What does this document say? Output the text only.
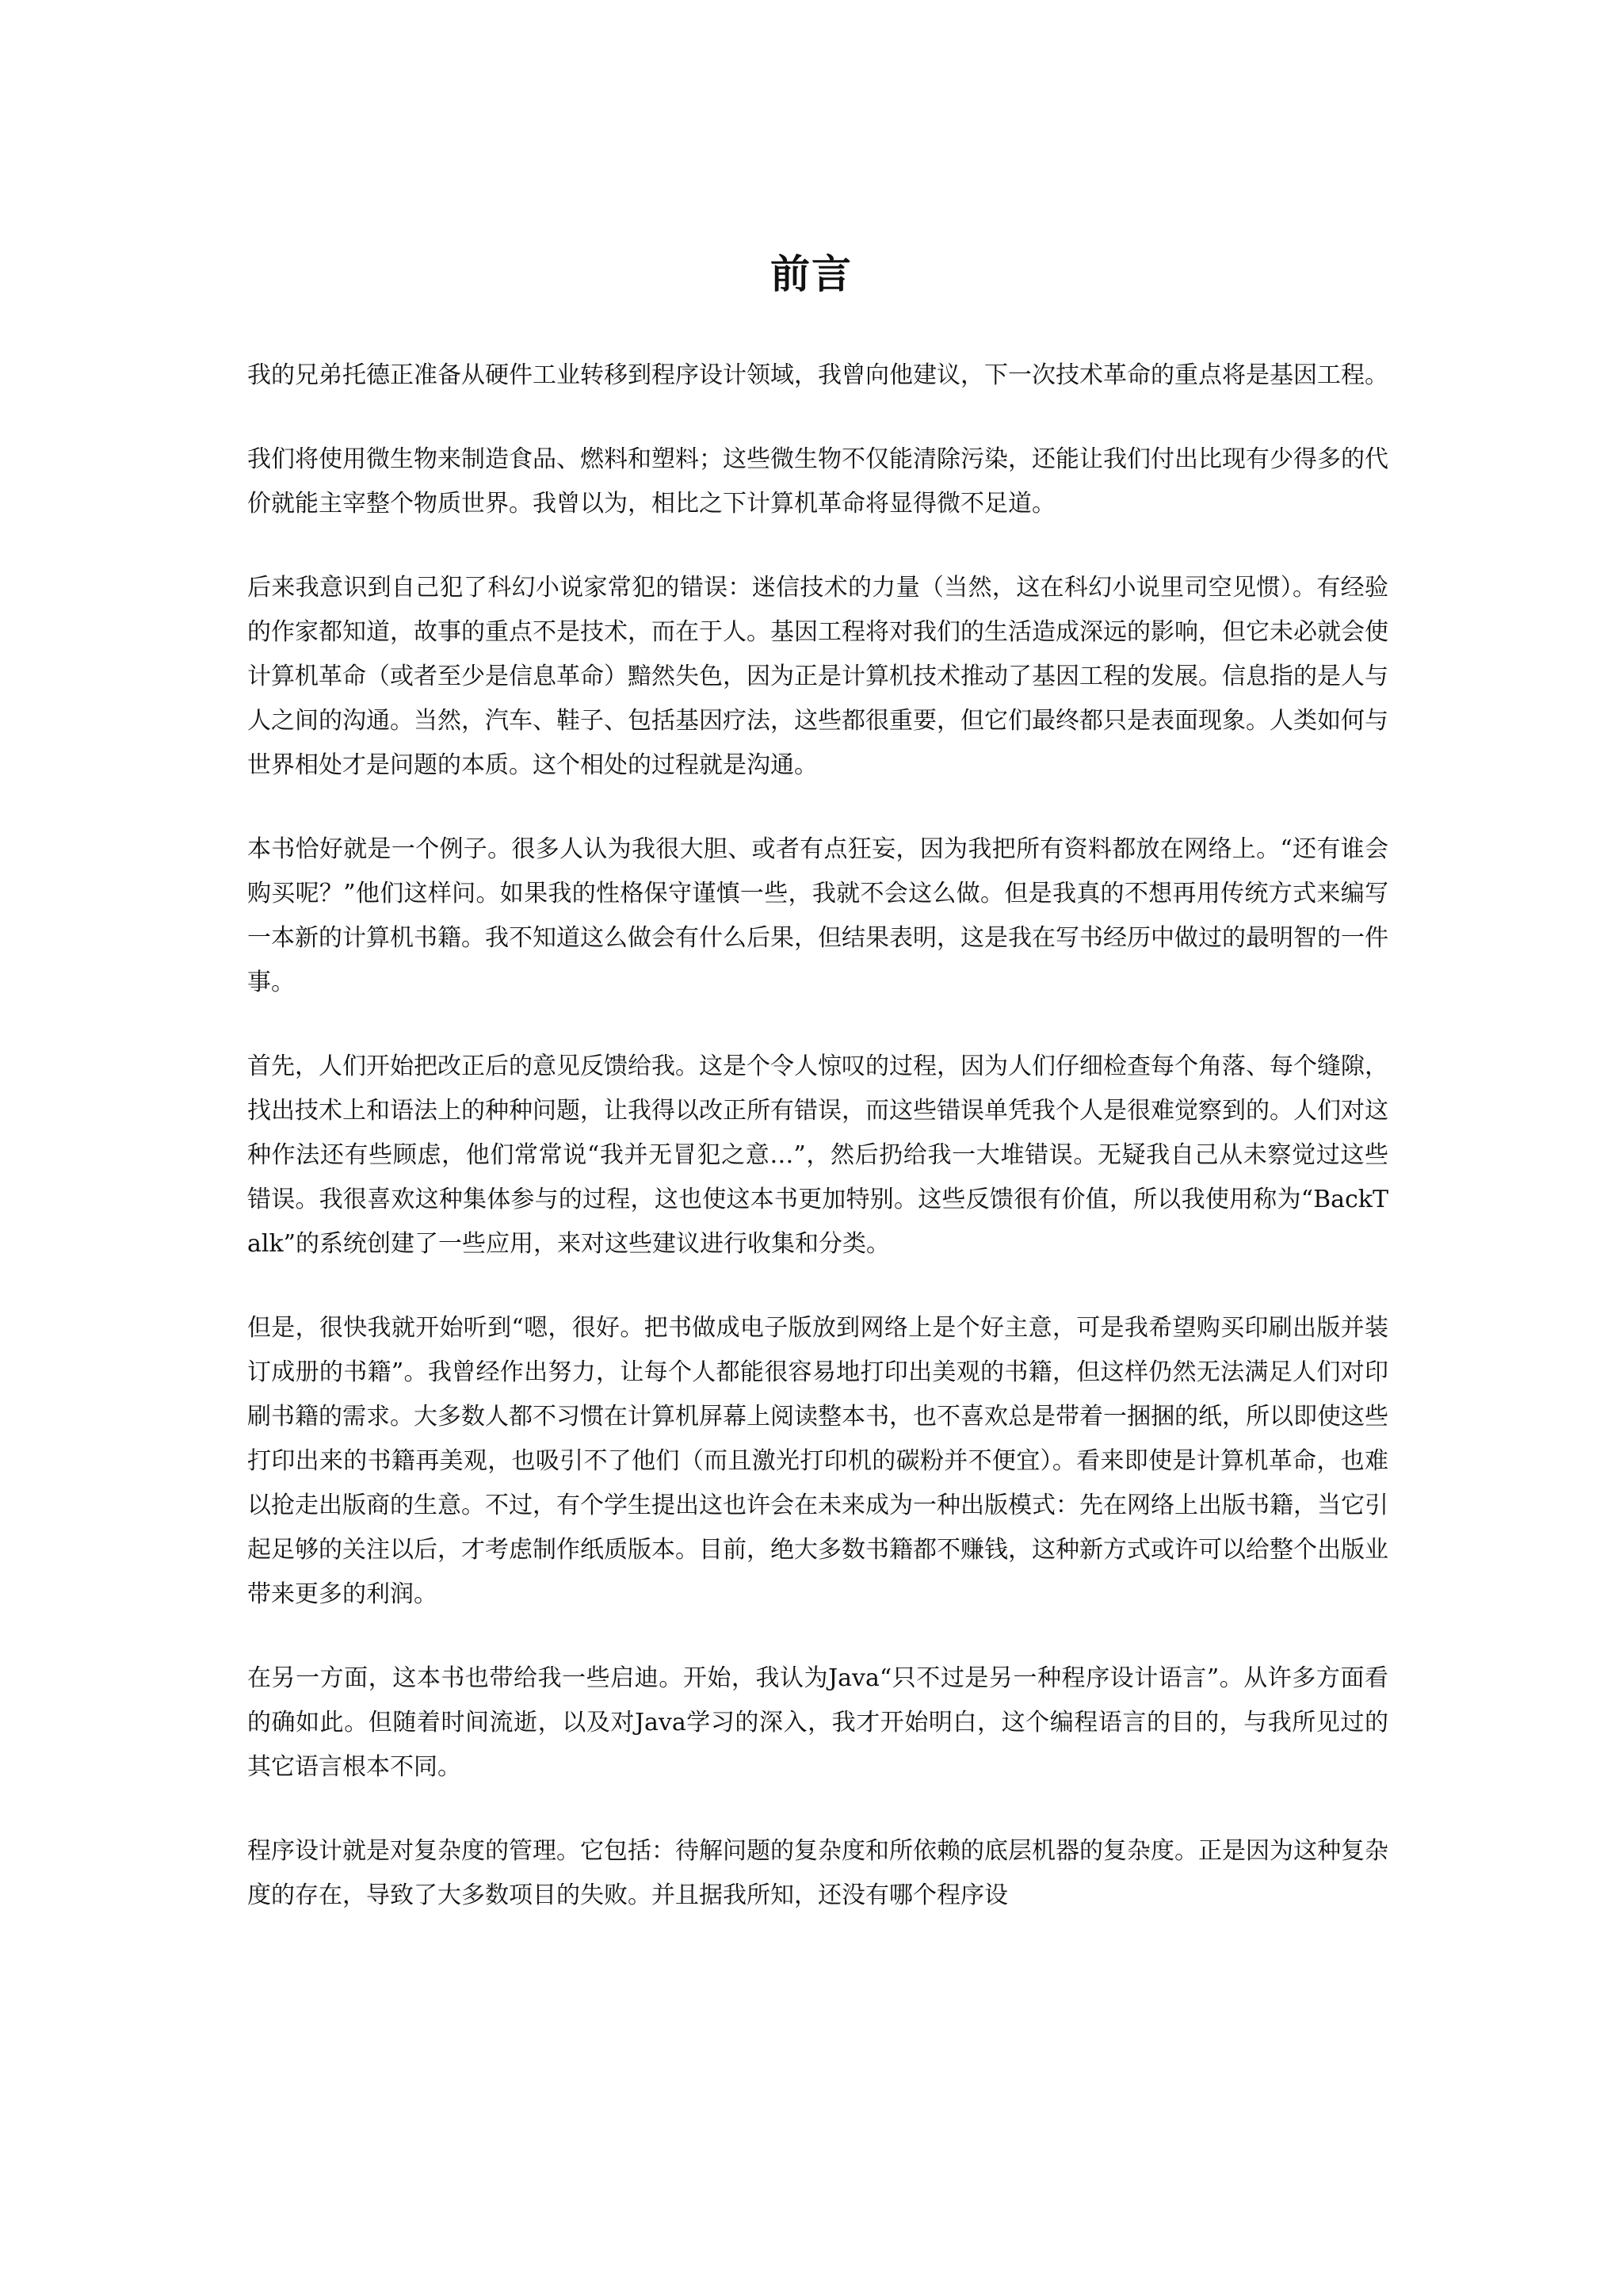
前言

我的兄弟托德正准备从硬件工业转移到程序设计领域，我曾向他建议，下一次技术革命的重点将是基因工程。

我们将使用微生物来制造食品、燃料和塑料；这些微生物不仅能清除污染，还能让我们付出比现有少得多的代价就能主宰整个物质世界。我曾以为，相比之下计算机革命将显得微不足道。

后来我意识到自己犯了科幻小说家常犯的错误：迷信技术的力量（当然，这在科幻小说里司空见惯）。有经验的作家都知道，故事的重点不是技术，而在于人。基因工程将对我们的生活造成深远的影响，但它未必就会使计算机革命（或者至少是信息革命）黯然失色，因为正是计算机技术推动了基因工程的发展。信息指的是人与人之间的沟通。当然，汽车、鞋子、包括基因疗法，这些都很重要，但它们最终都只是表面现象。人类如何与世界相处才是问题的本质。这个相处的过程就是沟通。

本书恰好就是一个例子。很多人认为我很大胆、或者有点狂妄，因为我把所有资料都放在网络上。“还有谁会购买呢？”他们这样问。如果我的性格保守谨慎一些，我就不会这么做。但是我真的不想再用传统方式来编写一本新的计算机书籍。我不知道这么做会有什么后果，但结果表明，这是我在写书经历中做过的最明智的一件事。

首先，人们开始把改正后的意见反馈给我。这是个令人惊叹的过程，因为人们仔细检查每个角落、每个缝隙，找出技术上和语法上的种种问题，让我得以改正所有错误，而这些错误单凭我个人是很难觉察到的。人们对这种作法还有些顾虑，他们常常说“我并无冒犯之意…”，然后扔给我一大堆错误。无疑我自己从未察觉过这些错误。我很喜欢这种集体参与的过程，这也使这本书更加特别。这些反馈很有价值，所以我使用称为“BackTalk”的系统创建了一些应用，来对这些建议进行收集和分类。

但是，很快我就开始听到“嗯，很好。把书做成电子版放到网络上是个好主意，可是我希望购买印刷出版并装订成册的书籍”。我曾经作出努力，让每个人都能很容易地打印出美观的书籍，但这样仍然无法满足人们对印刷书籍的需求。大多数人都不习惯在计算机屏幕上阅读整本书，也不喜欢总是带着一捆捆的纸，所以即使这些打印出来的书籍再美观，也吸引不了他们（而且激光打印机的碳粉并不便宜）。看来即使是计算机革命，也难以抢走出版商的生意。不过，有个学生提出这也许会在未来成为一种出版模式：先在网络上出版书籍，当它引起足够的关注以后，才考虑制作纸质版本。目前，绝大多数书籍都不赚钱，这种新方式或许可以给整个出版业带来更多的利润。

在另一方面，这本书也带给我一些启迪。开始，我认为Java“只不过是另一种程序设计语言”。从许多方面看的确如此。但随着时间流逝，以及对Java学习的深入，我才开始明白，这个编程语言的目的，与我所见过的其它语言根本不同。

程序设计就是对复杂度的管理。它包括：待解问题的复杂度和所依赖的底层机器的复杂度。正是因为这种复杂度的存在，导致了大多数项目的失败。并且据我所知，还没有哪个程序设
